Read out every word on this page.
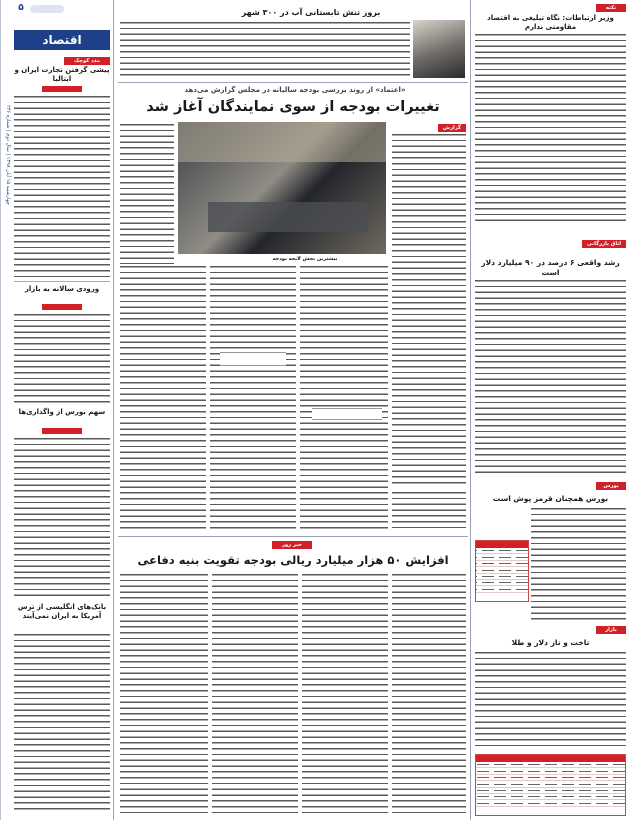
چهارشنبه ۱۵ آبان ۱۳۹۸ | سال دوم | شماره ۲۳۶
۵
اقتصاد
مدد کوچک
پیشی گرفتن تجارت ایران و ایتالیا
ورودی سالانه به بازار
سهم بورس از واگذاری‌ها
بانک‌های انگلیسی از ترس آمریکا به ایران نمی‌آیند
بروز تنش تابستانی آب در ۳۰۰ شهر
«اعتماد» از روند بررسی بودجه سالیانه در مجلس گزارش می‌دهد
تغییرات بودجه از سوی نمایندگان آغاز شد
گزارش
بیشترین بخش لایحه بودجه
خبر روز
افزایش ۵۰ هزار میلیارد ریالی بودجه تقویت بنیه دفاعی
نکته
وزیر ارتباطات: نگاه تبلیغی به اقتصاد مقاومتی ندارم
اتاق بازرگانی
رشد واقعی ۶ درصد در ۹۰ میلیارد دلار است
بورس
بورس همچنان قرمز پوش است
بازار
تاخت و تاز دلار و طلا
